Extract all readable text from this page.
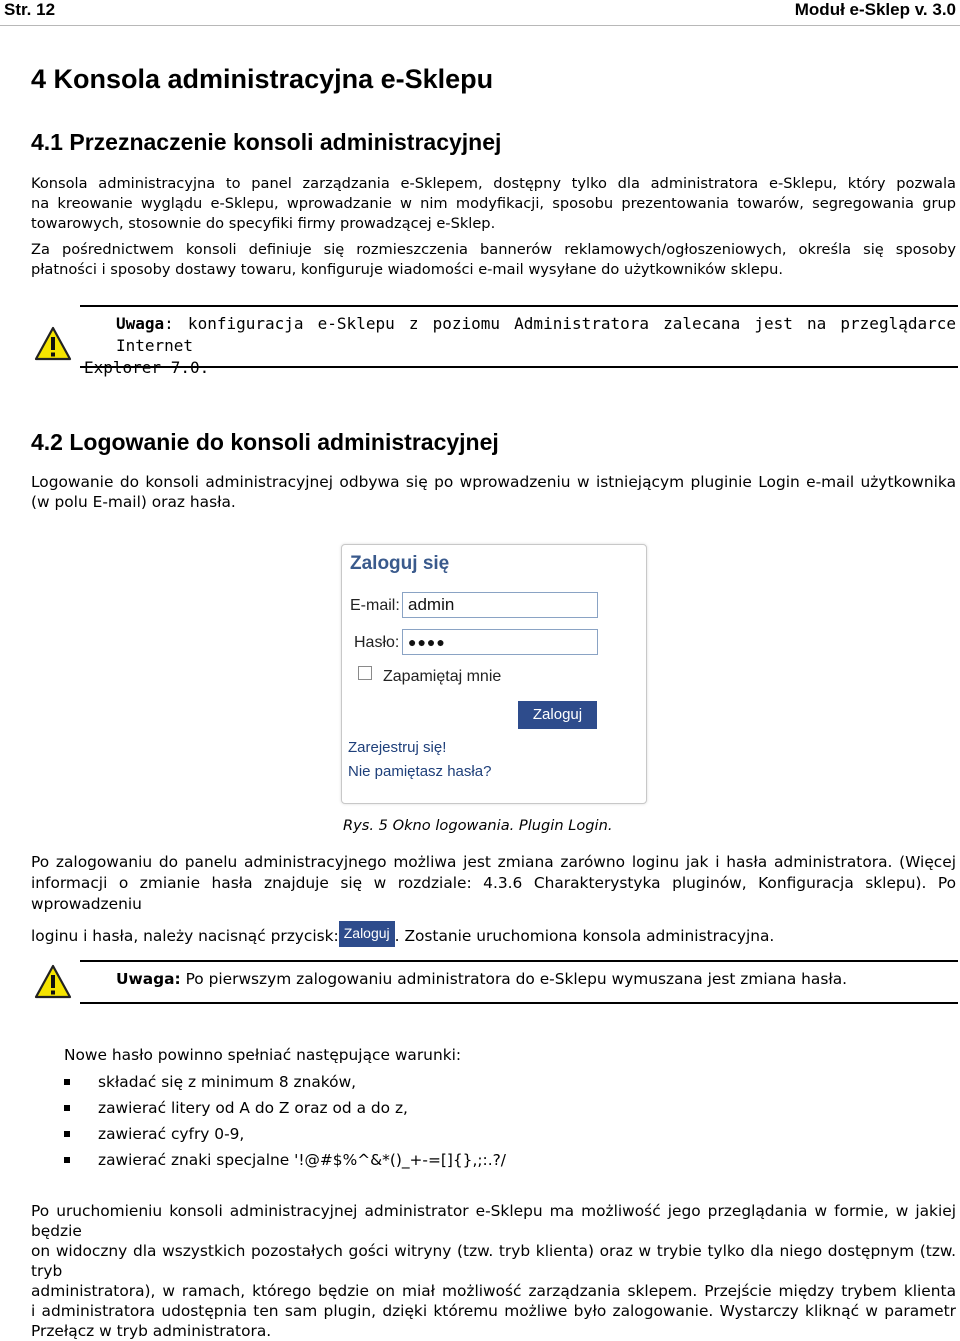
Str. 12	Moduł e-Sklep v. 3.0
4 Konsola administracyjna e-Sklepu
4.1 Przeznaczenie konsoli administracyjnej
Konsola administracyjna to panel zarządzania e-Sklepem, dostępny tylko dla administratora e-Sklepu, który pozwala
na kreowanie wyglądu e-Sklepu, wprowadzanie w nim modyfikacji, sposobu prezentowania towarów, segregowania grup
towarowych, stosownie do specyfiki firmy prowadzącej e-Sklep.
Za pośrednictwem konsoli definiuje się rozmieszczenia bannerów reklamowych/ogłoszeniowych, określa się sposoby
płatności i sposoby dostawy towaru, konfiguruje wiadomości e-mail wysyłane do użytkowników sklepu.
Uwaga: konfiguracja e-Sklepu z poziomu Administratora zalecana jest na przeglądarce Internet
4.2 Logowanie do konsoli administracyjnej
Logowanie do konsoli administracyjnej odbywa się po wprowadzeniu w istniejącym pluginie Login e-mail użytkownika
(w polu E-mail) oraz hasła.
Zaloguj się
E-mail: admin
Hasło: ●●●●
Zapamiętaj mnie
Zaloguj
Zarejestruj się!
Nie pamiętasz hasła?
Rys. 5 Okno logowania. Plugin Login.
Po zalogowaniu do panelu administracyjnego możliwa jest zmiana zarówno loginu jak i hasła administratora. (Więcej
informacji o zmianie hasła znajduje się w rozdziale: 4.3.6 Charakterystyka pluginów, Konfiguracja sklepu). Po wprowadzeniu
loginu i hasła, należy nacisnąć przycisk: Zaloguj . Zostanie uruchomiona konsola administracyjna.
Uwaga: Po pierwszym zalogowaniu administratora do e-Sklepu wymuszana jest zmiana hasła.
Nowe hasło powinno spełniać następujące warunki:
składać się z minimum 8 znaków,
zawierać litery od A do Z oraz od a do z,
zawierać cyfry 0-9,
zawierać znaki specjalne '!@#$%^&*()_+-=[]{},;:.?/
Po uruchomieniu konsoli administracyjnej administrator e-Sklepu ma możliwość jego przeglądania w formie, w jakiej będzie
on widoczny dla wszystkich pozostałych gości witryny (tzw. tryb klienta) oraz w trybie tylko dla niego dostępnym (tzw. tryb
administratora), w ramach, którego będzie on miał możliwość zarządzania sklepem. Przejście między trybem klienta
i administratora udostępnia ten sam plugin, dzięki któremu możliwe było zalogowanie. Wystarczy kliknąć w parametr
Przełącz w tryb administratora.
